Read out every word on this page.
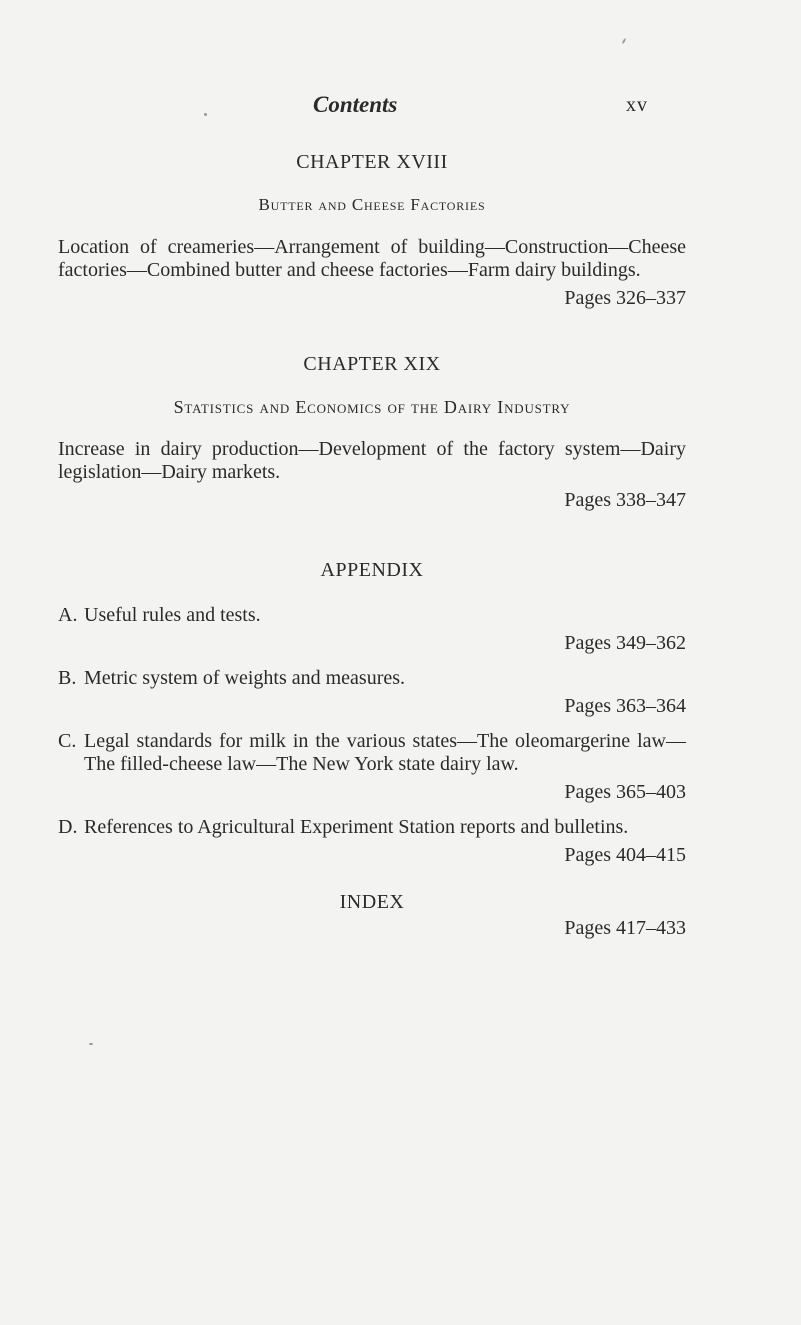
Contents	xv

CHAPTER XVIII

Butter and Cheese Factories

Location of creameries—Arrangement of building—Construction—Cheese factories—Combined butter and cheese factories—Farm dairy buildings.

Pages 326–337

CHAPTER XIX

Statistics and Economics of the Dairy Industry

Increase in dairy production—Development of the factory system—Dairy legislation—Dairy markets.

Pages 338–347

APPENDIX

A. Useful rules and tests.

Pages 349–362

B. Metric system of weights and measures.

Pages 363–364

C. Legal standards for milk in the various states—The oleomargerine law—The filled-cheese law—The New York state dairy law.

Pages 365–403

D. References to Agricultural Experiment Station reports and bulletins.

Pages 404–415

INDEX
Pages 417–433
